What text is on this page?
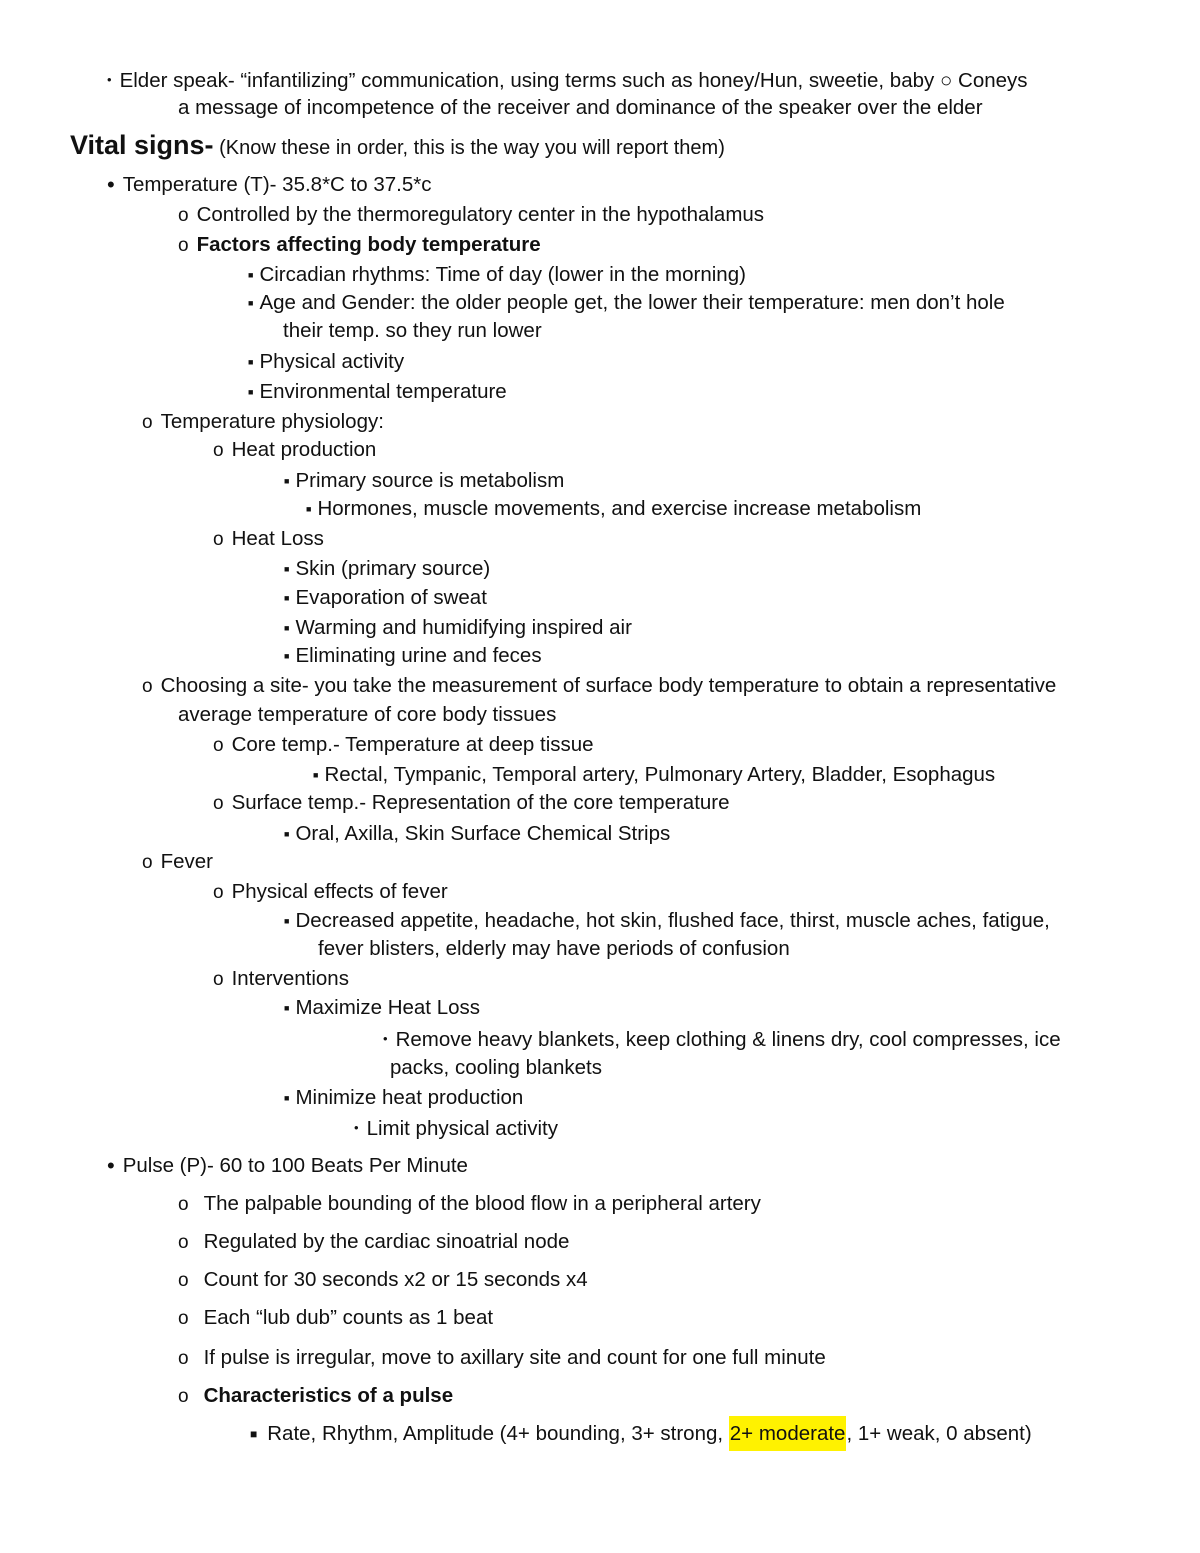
• Elder speak- “infantilizing” communication, using terms such as honey/Hun, sweetie, baby ○ Coneys
a message of incompetence of the receiver and dominance of the speaker over the elder
Vital signs- (Know these in order, this is the way you will report them)
• Temperature (T)- 35.8*C to 37.5*c
o Controlled by the thermoregulatory center in the hypothalamus
o Factors affecting body temperature
■ Circadian rhythms: Time of day (lower in the morning)
■ Age and Gender: the older people get, the lower their temperature: men don’t hole
their temp. so they run lower
■ Physical activity
■ Environmental temperature
o Temperature physiology:
o Heat production
■ Primary source is metabolism
■ Hormones, muscle movements, and exercise increase metabolism
o Heat Loss
■ Skin (primary source)
■ Evaporation of sweat
■ Warming and humidifying inspired air
■ Eliminating urine and feces
o Choosing a site- you take the measurement of surface body temperature to obtain a representative
average temperature of core body tissues
o Core temp.- Temperature at deep tissue
■ Rectal, Tympanic, Temporal artery, Pulmonary Artery, Bladder, Esophagus
o Surface temp.- Representation of the core temperature
■ Oral, Axilla, Skin Surface Chemical Strips
o Fever
o Physical effects of fever
■ Decreased appetite, headache, hot skin, flushed face, thirst, muscle aches, fatigue,
fever blisters, elderly may have periods of confusion
o Interventions
■ Maximize Heat Loss
• Remove heavy blankets, keep clothing & linens dry, cool compresses, ice
packs, cooling blankets
■ Minimize heat production
• Limit physical activity
• Pulse (P)- 60 to 100 Beats Per Minute
o The palpable bounding of the blood flow in a peripheral artery
o Regulated by the cardiac sinoatrial node
o Count for 30 seconds x2 or 15 seconds x4
o Each “lub dub” counts as 1 beat
o If pulse is irregular, move to axillary site and count for one full minute
o Characteristics of a pulse
■ Rate, Rhythm, Amplitude (4+ bounding, 3+ strong, 2+ moderate, 1+ weak, 0 absent)
